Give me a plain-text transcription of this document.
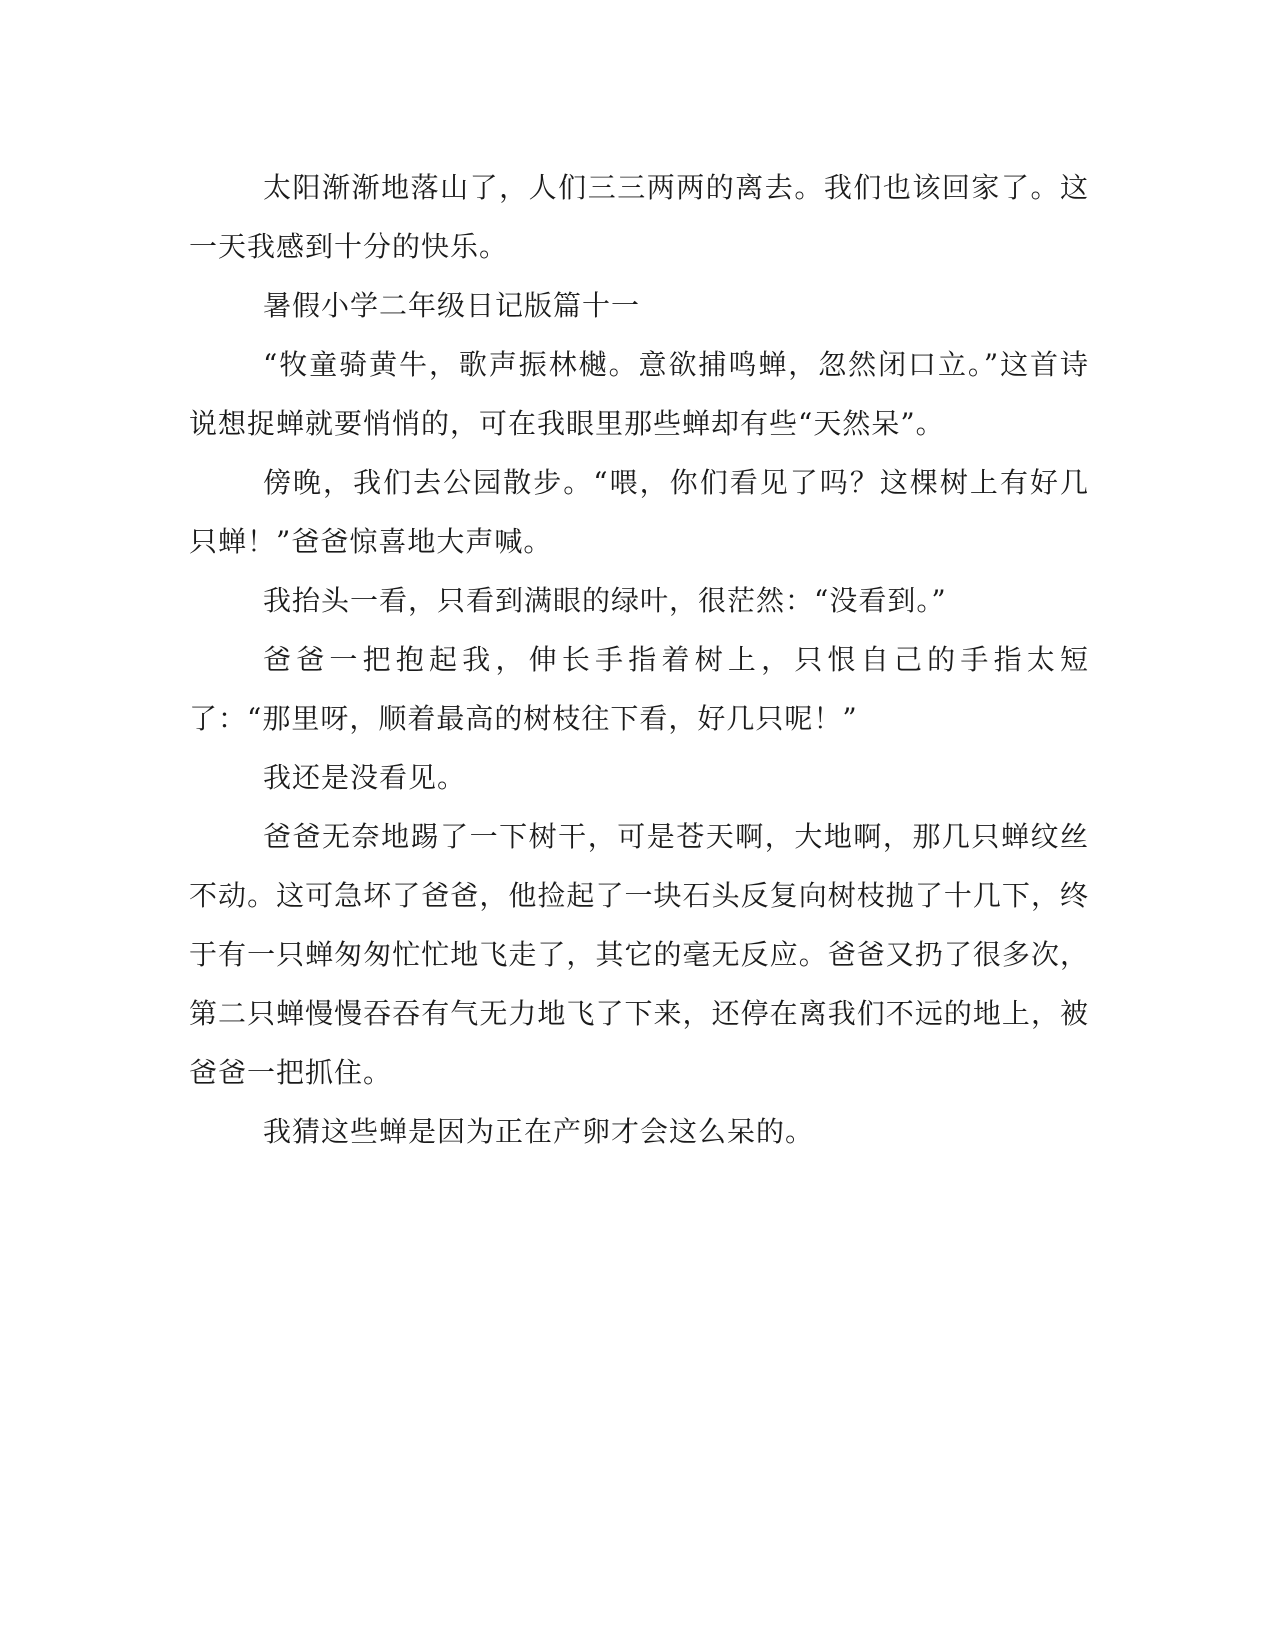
太阳渐渐地落山了，人们三三两两的离去。我们也该回家了。这一天我感到十分的快乐。

暑假小学二年级日记版篇十一

“牧童骑黄牛，歌声振林樾。意欲捕鸣蝉，忽然闭口立。”这首诗说想捉蝉就要悄悄的，可在我眼里那些蝉却有些“天然呆”。

傍晚，我们去公园散步。“喂，你们看见了吗？这棵树上有好几只蝉！”爸爸惊喜地大声喊。

我抬头一看，只看到满眼的绿叶，很茫然：“没看到。”

爸爸一把抱起我，伸长手指着树上，只恨自己的手指太短了：“那里呀，顺着最高的树枝往下看，好几只呢！”

我还是没看见。

爸爸无奈地踢了一下树干，可是苍天啊，大地啊，那几只蝉纹丝不动。这可急坏了爸爸，他捡起了一块石头反复向树枝抛了十几下，终于有一只蝉匆匆忙忙地飞走了，其它的毫无反应。爸爸又扔了很多次，第二只蝉慢慢吞吞有气无力地飞了下来，还停在离我们不远的地上，被爸爸一把抓住。

我猜这些蝉是因为正在产卵才会这么呆的。
